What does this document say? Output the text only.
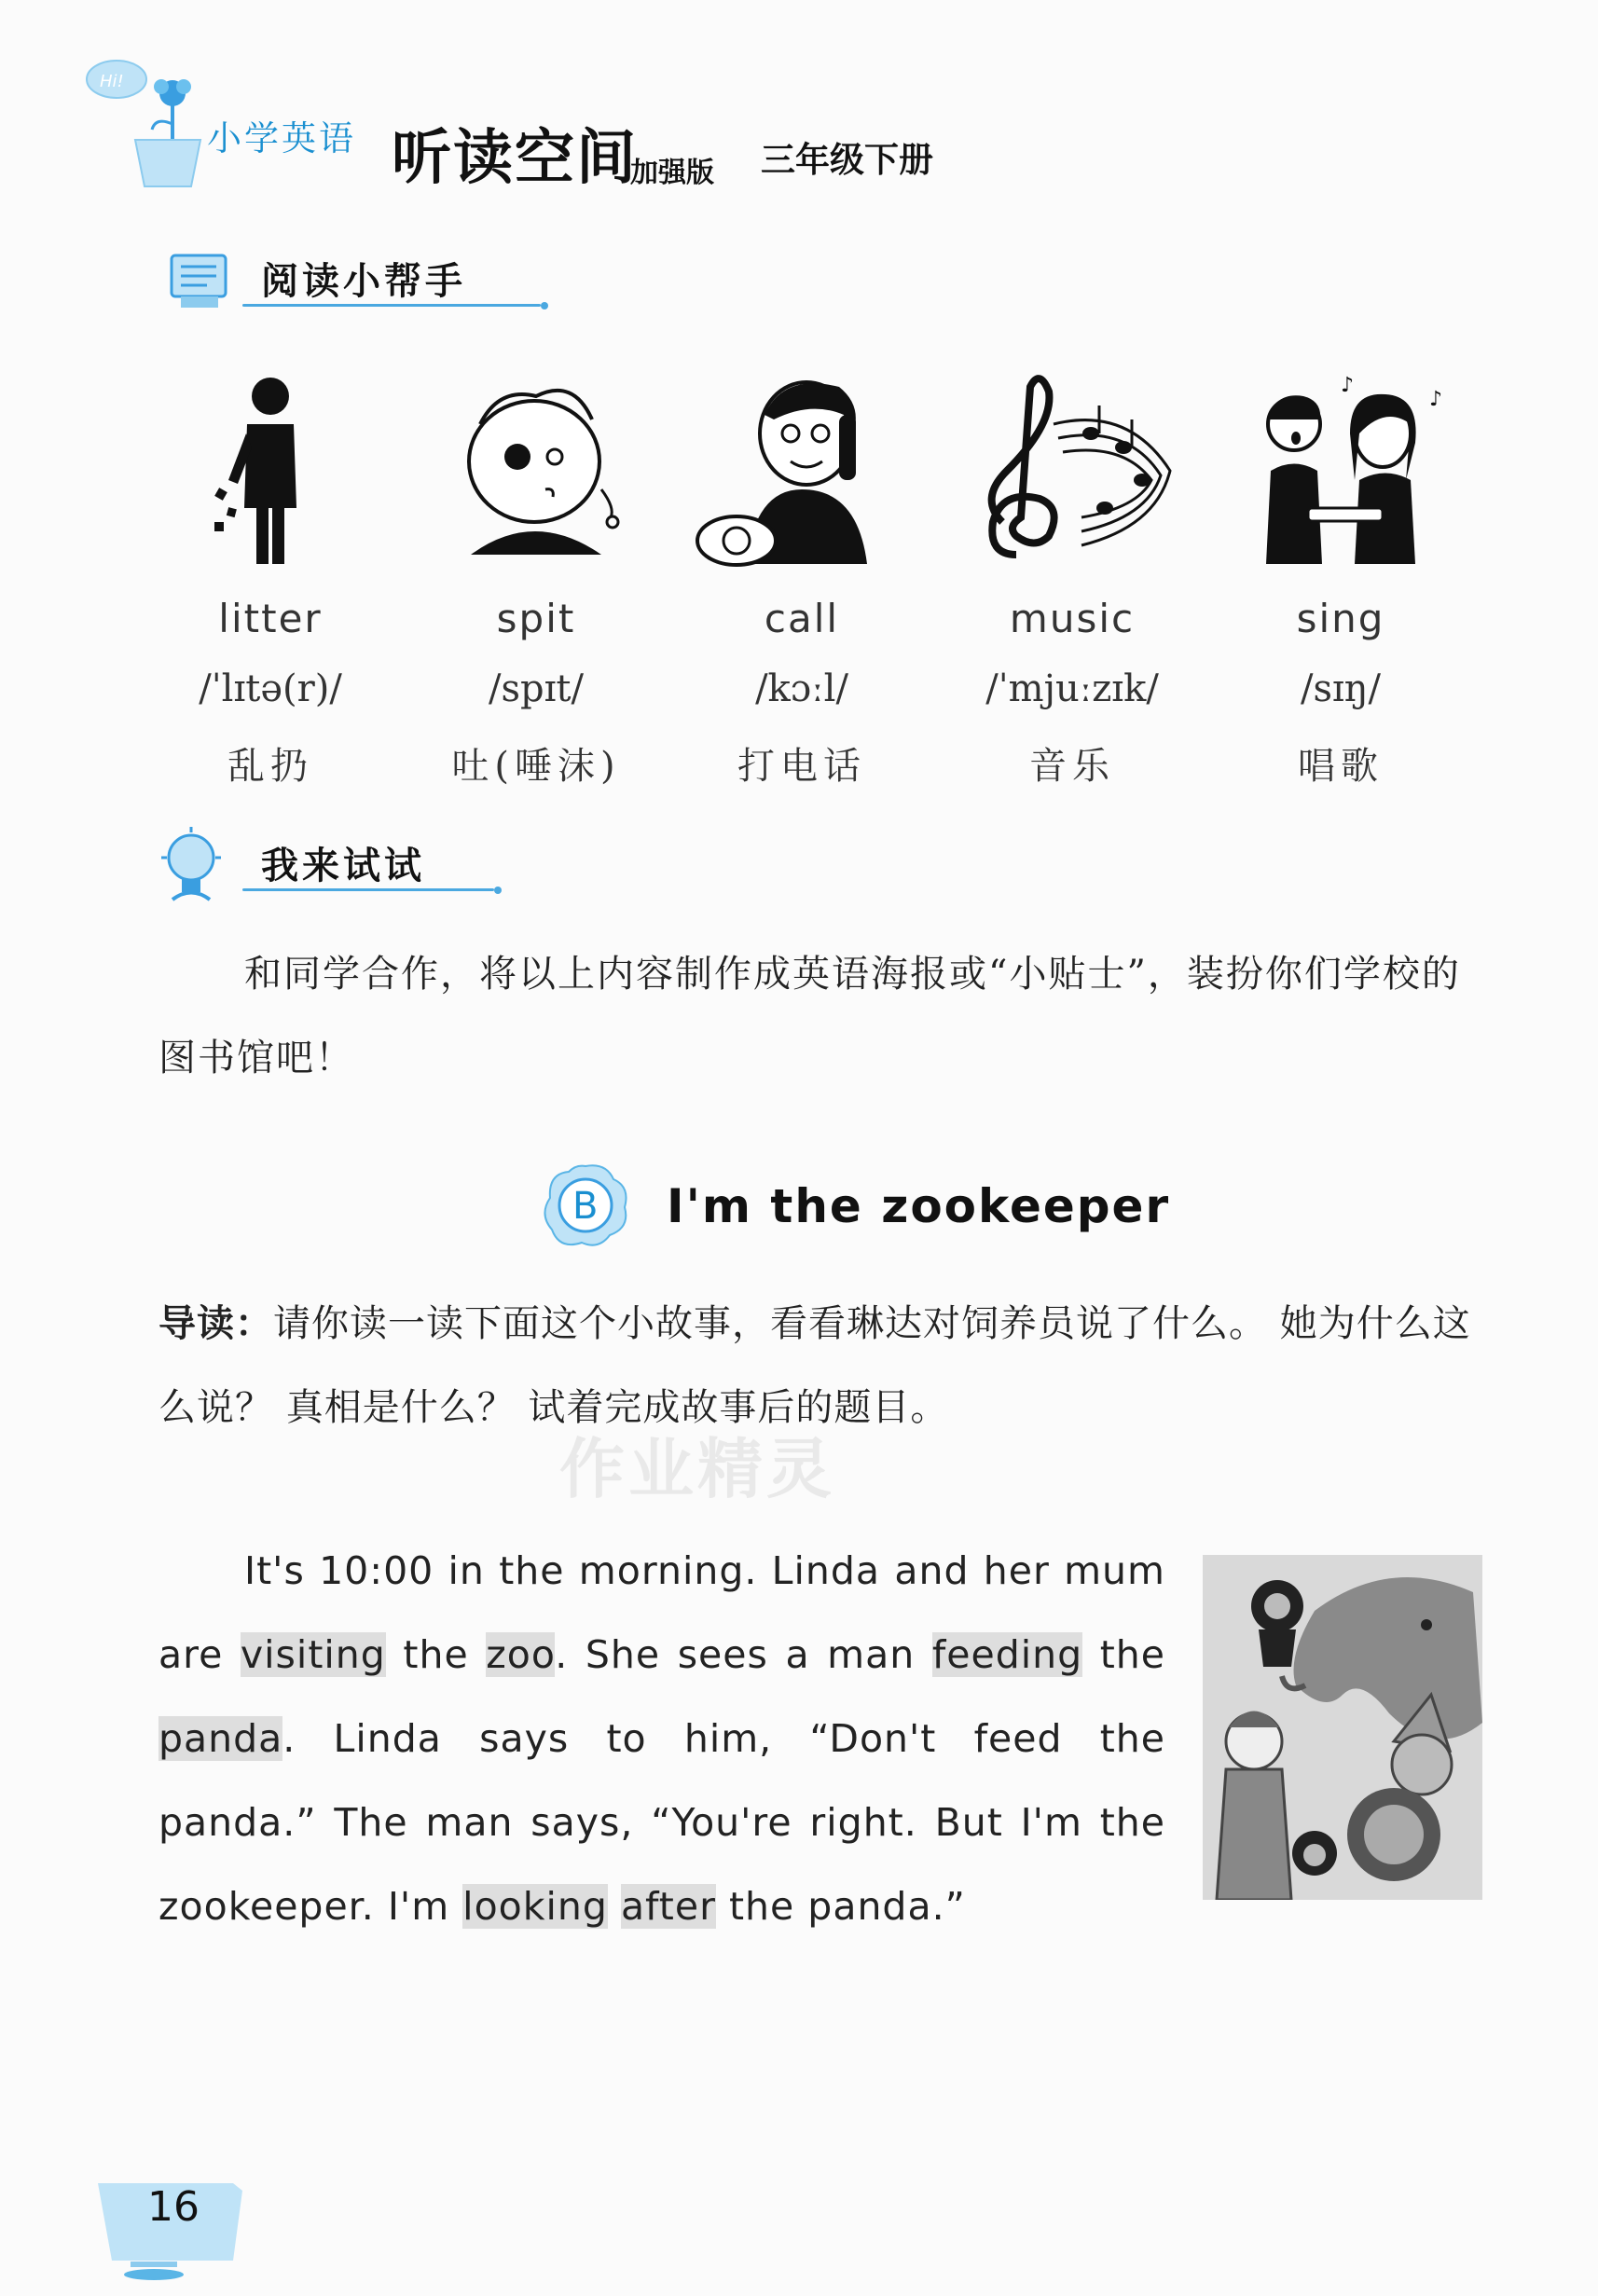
Hi!
小学英语 听读空间
加强版 三年级下册
阅读小帮手
litter
/ˈlɪtə(r)/
乱扔
spit
/spɪt/
吐(唾沫)
call
/kɔːl/
打电话
music
/ˈmjuːzɪk/
音乐
♪
♪
sing
/sɪŋ/
唱歌
我来试试
和同学合作，将以上内容制作成英语海报或“小贴士”，装扮你们学校的图书馆吧！
B I'm the zookeeper
导读：请你读一读下面这个小故事，看看琳达对饲养员说了什么。 她为什么这么说？ 真相是什么？ 试着完成故事后的题目。
作业精灵

It's 10:00 in the morning. Linda and her mum are visiting the zoo. She sees a man feeding the panda. Linda says to him, “Don't feed the panda.” The man says, “You're right. But I'm the zookeeper. I'm looking after the panda.”

16
